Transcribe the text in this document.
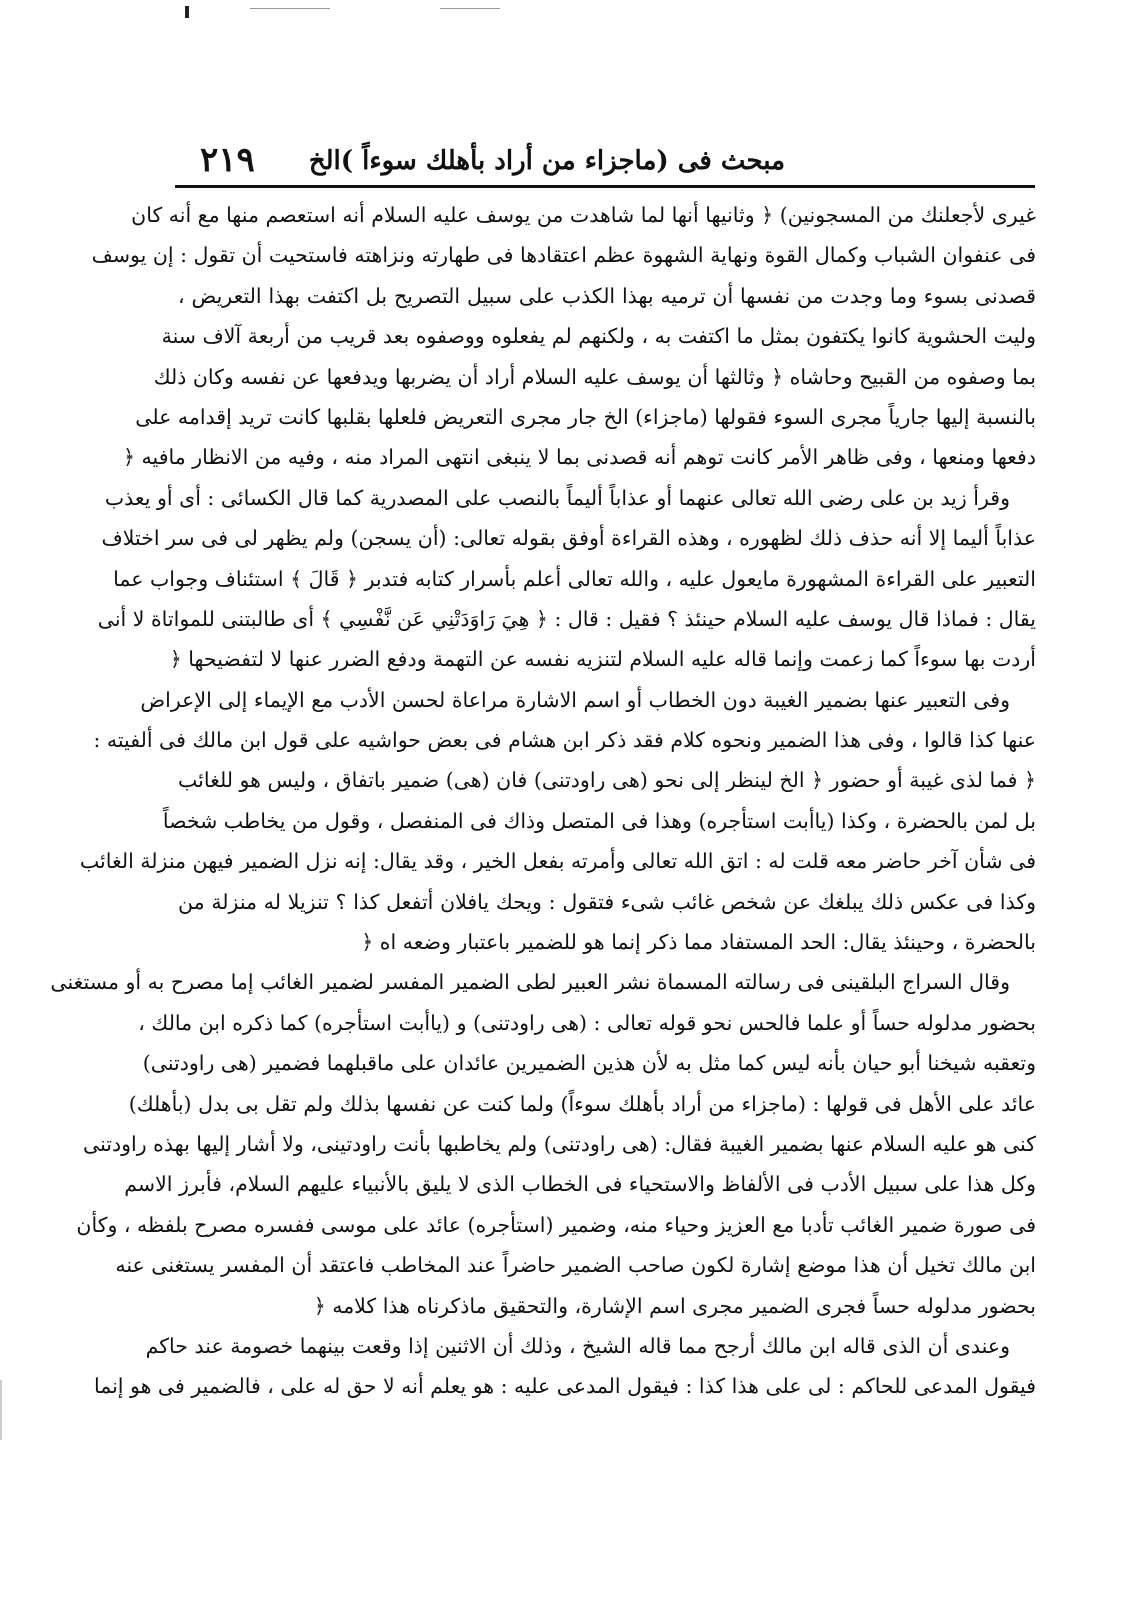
مبحث فى (ماجزاء من أراد بأهلك سوءاً )الخ
٢١٩
غيرى لأجعلنك من المسجونين) ﴿ وثانيها أنها لما شاهدت من يوسف عليه السلام أنه استعصم منها مع أنه كان
فى عنفوان الشباب وكمال القوة ونهاية الشهوة عظم اعتقادها فى طهارته ونزاهته فاستحيت أن تقول : إن يوسف
قصدنى بسوء وما وجدت من نفسها أن ترميه بهذا الكذب على سبيل التصريح بل اكتفت بهذا التعريض ،
وليت الحشوية كانوا يكتفون بمثل ما اكتفت به ، ولكنهم لم يفعلوه ووصفوه بعد قريب من أربعة آلاف سنة
بما وصفوه من القبيح وحاشاه ﴿ وثالثها أن يوسف عليه السلام أراد أن يضربها ويدفعها عن نفسه وكان ذلك
بالنسبة إليها جارياً مجرى السوء فقولها (ماجزاء) الخ جار مجرى التعريض فلعلها بقلبها كانت تريد إقدامه على
دفعها ومنعها ، وفى ظاهر الأمر كانت توهم أنه قصدنى بما لا ينبغى انتهى المراد منه ، وفيه من الانظار مافيه ﴿
وقرأ زيد بن على رضى الله تعالى عنهما أو عذاباً أليماً بالنصب على المصدرية كما قال الكسائى : أى أو يعذب
عذاباً أليما إلا أنه حذف ذلك لظهوره ، وهذه القراءة أوفق بقوله تعالى: (أن يسجن) ولم يظهر لى فى سر اختلاف
التعبير على القراءة المشهورة مايعول عليه ، والله تعالى أعلم بأسرار كتابه فتدبر ﴿ قَالَ ﴾ استئناف وجواب عما
يقال : فماذا قال يوسف عليه السلام حينئذ ؟ فقيل : قال : ﴿ هِيَ رَاوَدَتْنِي عَن نَّفْسِي ﴾ أى طالبتنى للمواتاة لا أنى
أردت بها سوءاً كما زعمت وإنما قاله عليه السلام لتنزيه نفسه عن التهمة ودفع الضرر عنها لا لتفضيحها ﴿
وفى التعبير عنها بضمير الغيبة دون الخطاب أو اسم الاشارة مراعاة لحسن الأدب مع الإيماء إلى الإعراض
عنها كذا قالوا ، وفى هذا الضمير ونحوه كلام فقد ذكر ابن هشام فى بعض حواشيه على قول ابن مالك فى ألفيته :
﴿ فما لذى غيبة أو حضور ﴿ الخ لينظر إلى نحو (هى راودتنى) فان (هى) ضمير باتفاق ، وليس هو للغائب
بل لمن بالحضرة ، وكذا (ياأبت استأجره) وهذا فى المتصل وذاك فى المنفصل ، وقول من يخاطب شخصاً
فى شأن آخر حاضر معه قلت له : اتق الله تعالى وأمرته بفعل الخير ، وقد يقال: إنه نزل الضمير فيهن منزلة الغائب
وكذا فى عكس ذلك يبلغك عن شخص غائب شىء فتقول : ويحك يافلان أتفعل كذا ؟ تنزيلا له منزلة من
بالحضرة ، وحينئذ يقال: الحد المستفاد مما ذكر إنما هو للضمير باعتبار وضعه اه ﴿
وقال السراج البلقينى فى رسالته المسماة نشر العبير لطى الضمير المفسر لضمير الغائب إما مصرح به أو مستغنى
بحضور مدلوله حساً أو علما فالحس نحو قوله تعالى : (هى راودتنى) و (ياأبت استأجره) كما ذكره ابن مالك ،
وتعقبه شيخنا أبو حيان بأنه ليس كما مثل به لأن هذين الضميرين عائدان على ماقبلهما فضمير (هى راودتنى)
عائد على الأهل فى قولها : (ماجزاء من أراد بأهلك سوءاً) ولما كنت عن نفسها بذلك ولم تقل بى بدل (بأهلك)
كنى هو عليه السلام عنها بضمير الغيبة فقال: (هى راودتنى) ولم يخاطبها بأنت راودتينى، ولا أشار إليها بهذه راودتنى
وكل هذا على سبيل الأدب فى الألفاظ والاستحياء فى الخطاب الذى لا يليق بالأنبياء عليهم السلام، فأبرز الاسم
فى صورة ضمير الغائب تأدبا مع العزيز وحياء منه، وضمير (استأجره) عائد على موسى ففسره مصرح بلفظه ، وكأن
ابن مالك تخيل أن هذا موضع إشارة لكون صاحب الضمير حاضراً عند المخاطب فاعتقد أن المفسر يستغنى عنه
بحضور مدلوله حساً فجرى الضمير مجرى اسم الإشارة، والتحقيق ماذكرناه هذا كلامه ﴿
وعندى أن الذى قاله ابن مالك أرجح مما قاله الشيخ ، وذلك أن الاثنين إذا وقعت بينهما خصومة عند حاكم
فيقول المدعى للحاكم : لى على هذا كذا : فيقول المدعى عليه : هو يعلم أنه لا حق له على ، فالضمير فى هو إنما
